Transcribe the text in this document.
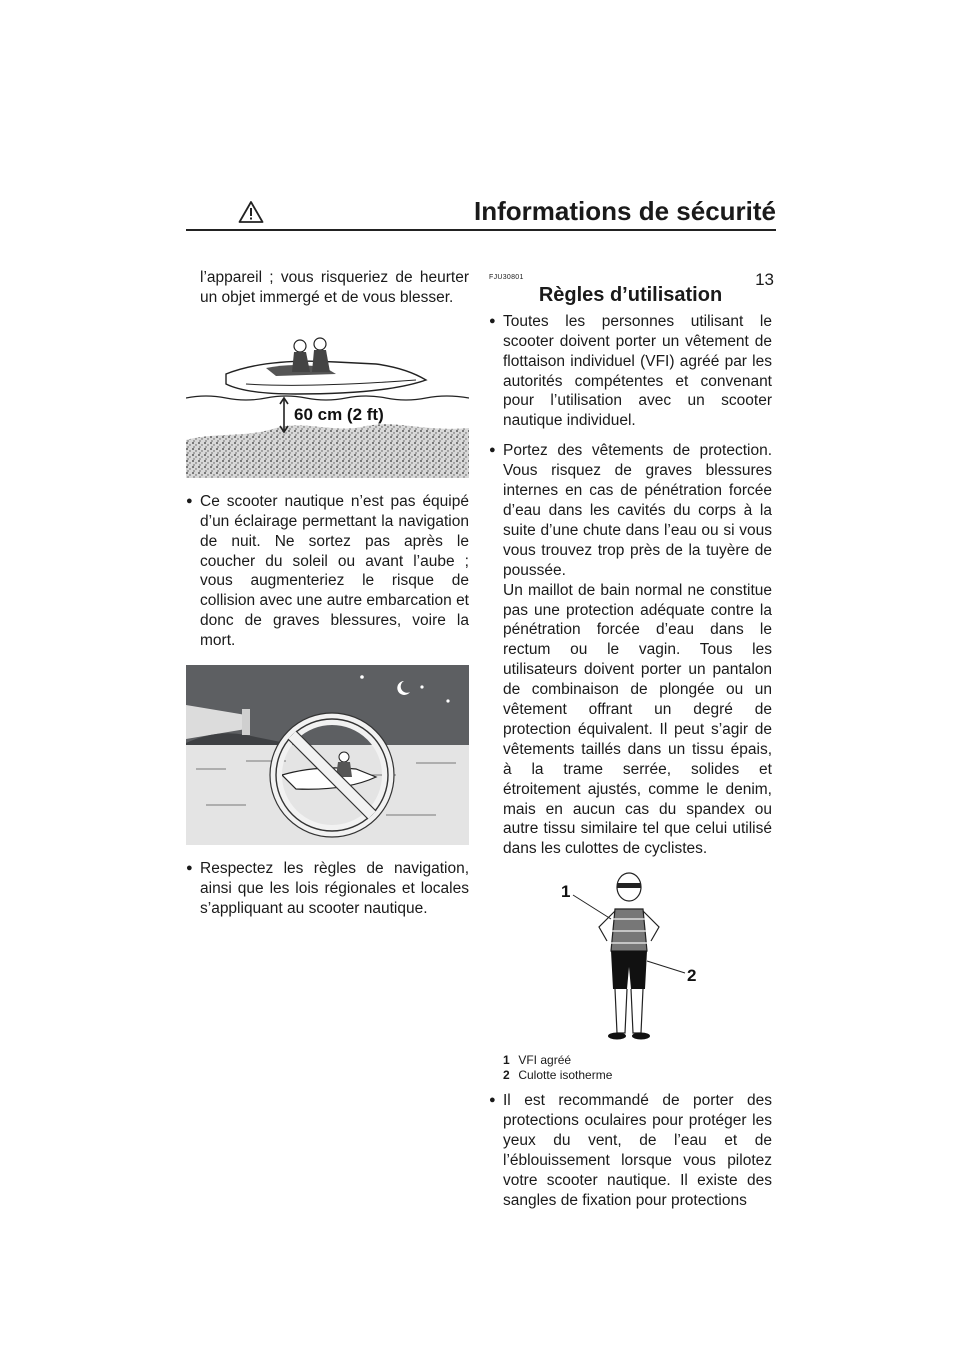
Informations de sécurité
13

l’appareil ; vous risqueriez de heurter un objet immergé et de vous blesser.

60 cm (2 ft)
● Ce scooter nautique n’est pas équipé d’un éclairage permettant la navigation de nuit. Ne sortez pas après le coucher du soleil ou avant l’aube ; vous augmenteriez le risque de collision avec une autre embarcation et donc de graves blessures, voire la mort.
● Respectez les règles de navigation, ainsi que les lois régionales et locales s’appliquant au scooter nautique.
FJU30801
Règles d’utilisation
● Toutes les personnes utilisant le scooter doivent porter un vêtement de flottaison individuel (VFI) agréé par les autorités compétentes et convenant pour l’utilisation avec un scooter nautique individuel.
● Portez des vêtements de protection. Vous risquez de graves blessures internes en cas de pénétration forcée d’eau dans les cavités du corps à la suite d’une chute dans l’eau ou si vous vous trouvez trop près de la tuyère de poussée.

Un maillot de bain normal ne constitue pas une protection adéquate contre la pénétration forcée d’eau dans le rectum ou le vagin. Tous les utilisateurs doivent porter un pantalon de combinaison de plongée ou un vêtement offrant un degré de protection équivalent. Il peut s’agir de vêtements taillés dans un tissu épais, à la trame serrée, solides et étroitement ajustés, comme le denim, mais en aucun cas du spandex ou autre tissu similaire tel que celui utilisé dans les culottes de cyclistes.

1
2
1 VFI agréé
2 Culotte isotherme
● Il est recommandé de porter des protections oculaires pour protéger les yeux du vent, de l’eau et de l’éblouissement lorsque vous pilotez votre scooter nautique. Il existe des sangles de fixation pour protections
